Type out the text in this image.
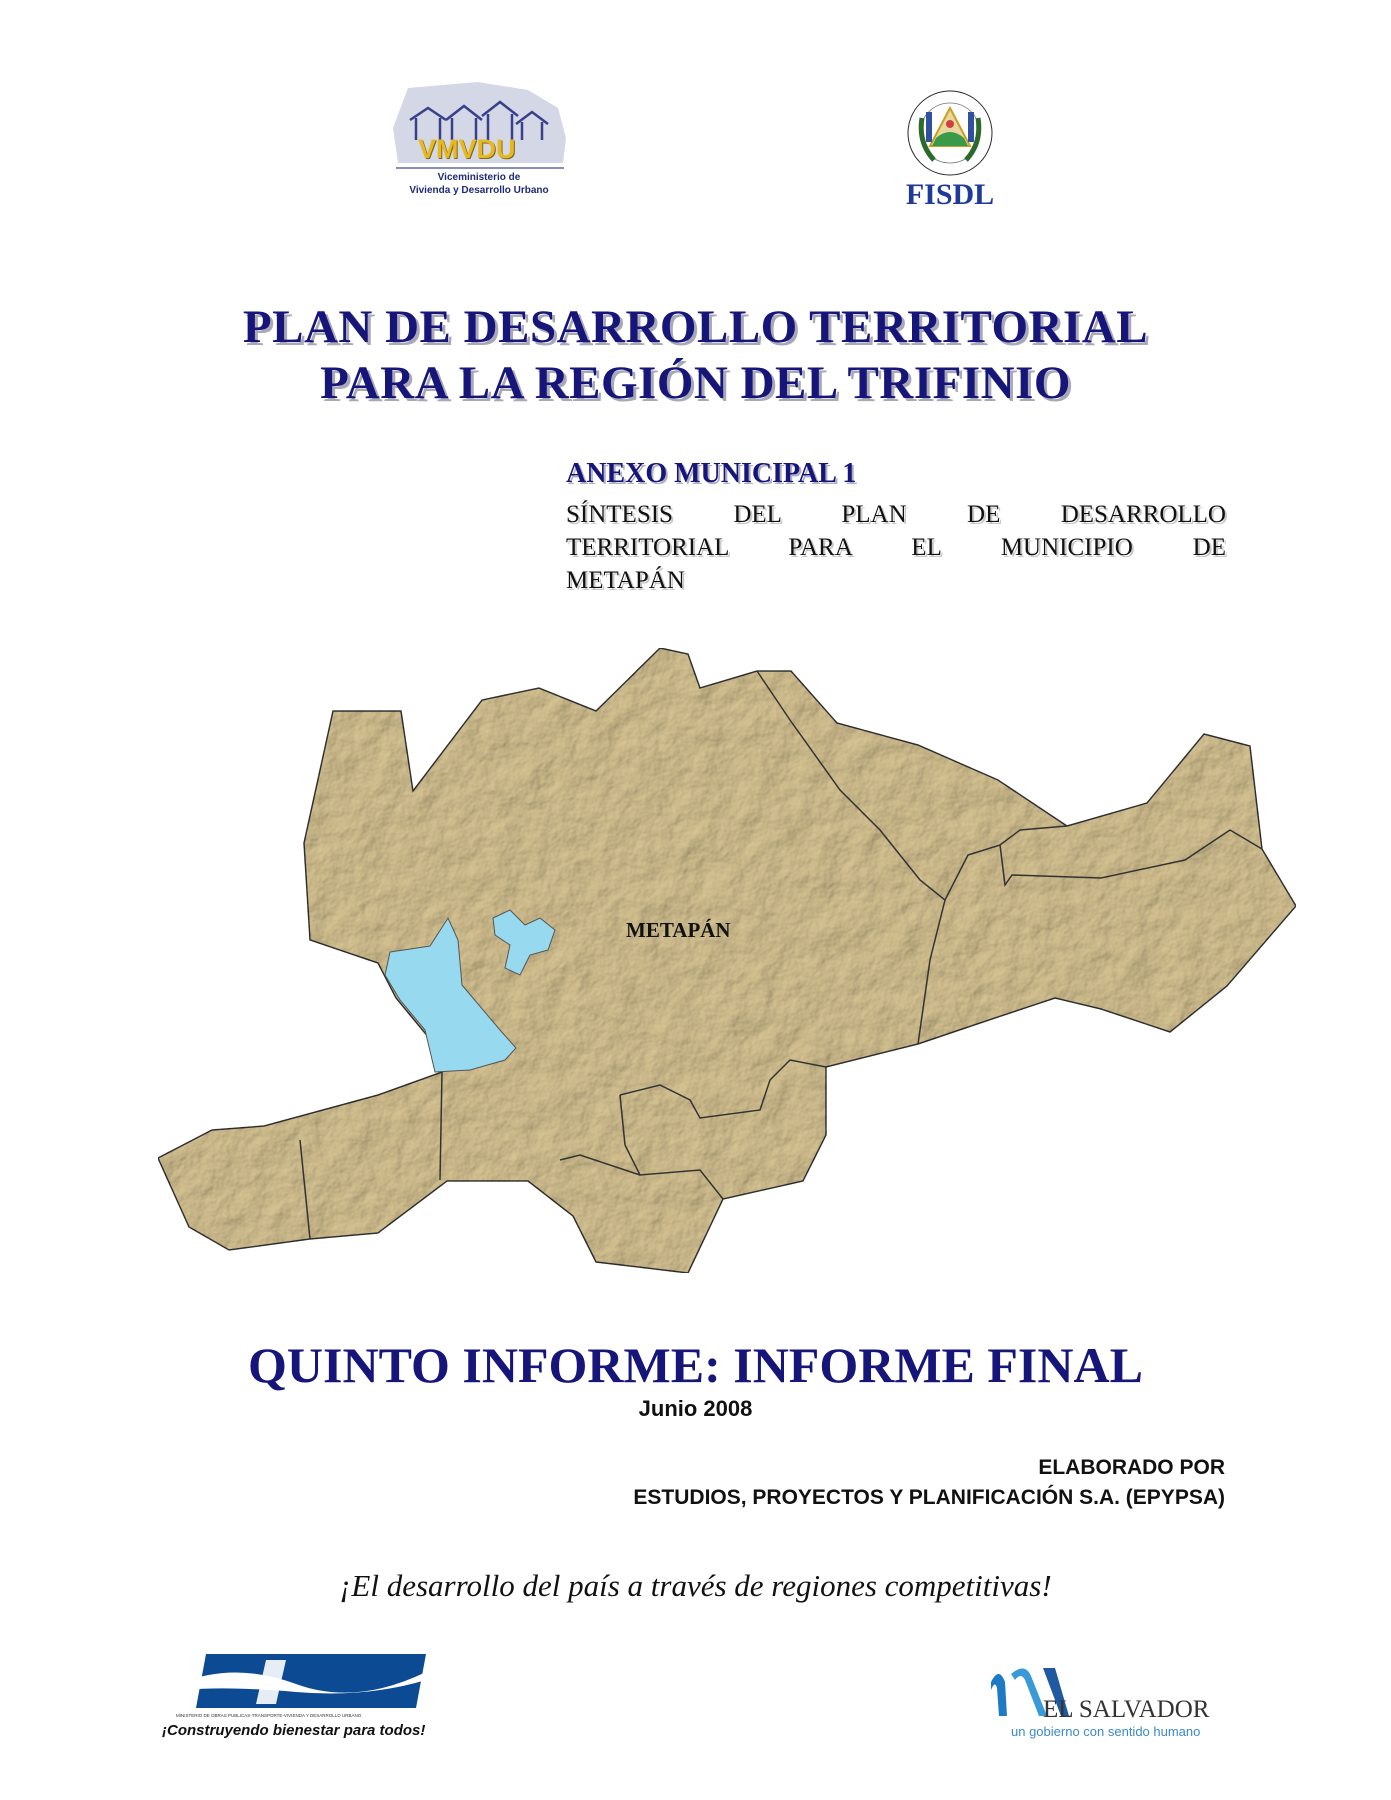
VMVDU
Viceministerio de
Vivienda y Desarrollo Urbano	FISDL
PLAN DE DESARROLLO TERRITORIAL
PARA LA REGIÓN DEL TRIFINIO
ANEXO MUNICIPAL 1
SÍNTESIS DEL PLAN DE DESARROLLO
TERRITORIAL PARA EL MUNICIPIO DE
METAPÁN
METAPÁN
QUINTO INFORME: INFORME FINAL
Junio 2008
ELABORADO POR
ESTUDIOS, PROYECTOS Y PLANIFICACIÓN S.A. (EPYPSA)
¡El desarrollo del país a través de regiones competitivas!
MINISTERIO DE OBRAS PUBLICAS-TRANSPORTE-VIVIENDA Y DESARROLLO URBANO
¡Construyendo bienestar para todos!
EL SALVADOR
un gobierno con sentido humano
